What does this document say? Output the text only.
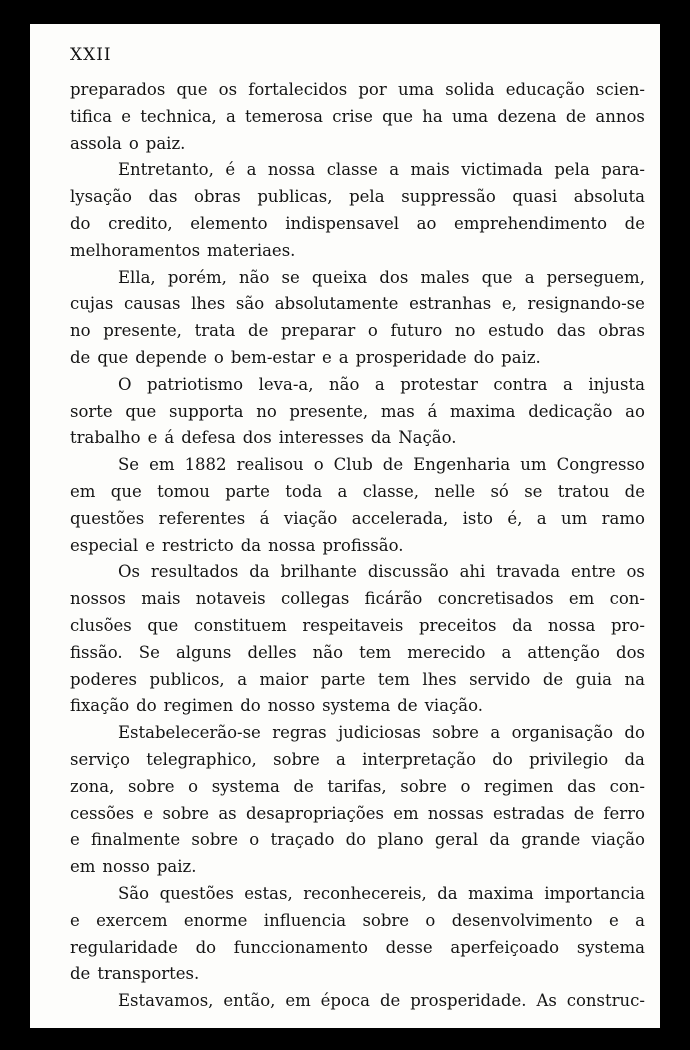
XXII
preparados que os fortalecidos por uma solida educação scien-
tifica e technica, a temerosa crise que ha uma dezena de annos
assola o paiz.
Entretanto, é a nossa classe a mais victimada pela para-
lysação das obras publicas, pela suppressão quasi absoluta
do credito, elemento indispensavel ao emprehendimento de
melhoramentos materiaes.
Ella, porém, não se queixa dos males que a perseguem,
cujas causas lhes são absolutamente estranhas e, resignando-se
no presente, trata de preparar o futuro no estudo das obras
de que depende o bem-estar e a prosperidade do paiz.
O patriotismo leva-a, não a protestar contra a injusta
sorte que supporta no presente, mas á maxima dedicação ao
trabalho e á defesa dos interesses da Nação.
Se em 1882 realisou o Club de Engenharia um Congresso
em que tomou parte toda a classe, nelle só se tratou de
questões referentes á viação accelerada, isto é, a um ramo
especial e restricto da nossa profissão.
Os resultados da brilhante discussão ahi travada entre os
nossos mais notaveis collegas ficárão concretisados em con-
clusões que constituem respeitaveis preceitos da nossa pro-
fissão. Se alguns delles não tem merecido a attenção dos
poderes publicos, a maior parte tem lhes servido de guia na
fixação do regimen do nosso systema de viação.
Estabelecerão-se regras judiciosas sobre a organisação do
serviço telegraphico, sobre a interpretação do privilegio da
zona, sobre o systema de tarifas, sobre o regimen das con-
cessões e sobre as desapropriações em nossas estradas de ferro
e finalmente sobre o traçado do plano geral da grande viação
em nosso paiz.
São questões estas, reconhecereis, da maxima importancia
e exercem enorme influencia sobre o desenvolvimento e a
regularidade do funccionamento desse aperfeiçoado systema
de transportes.
Estavamos, então, em época de prosperidade. As construc-
